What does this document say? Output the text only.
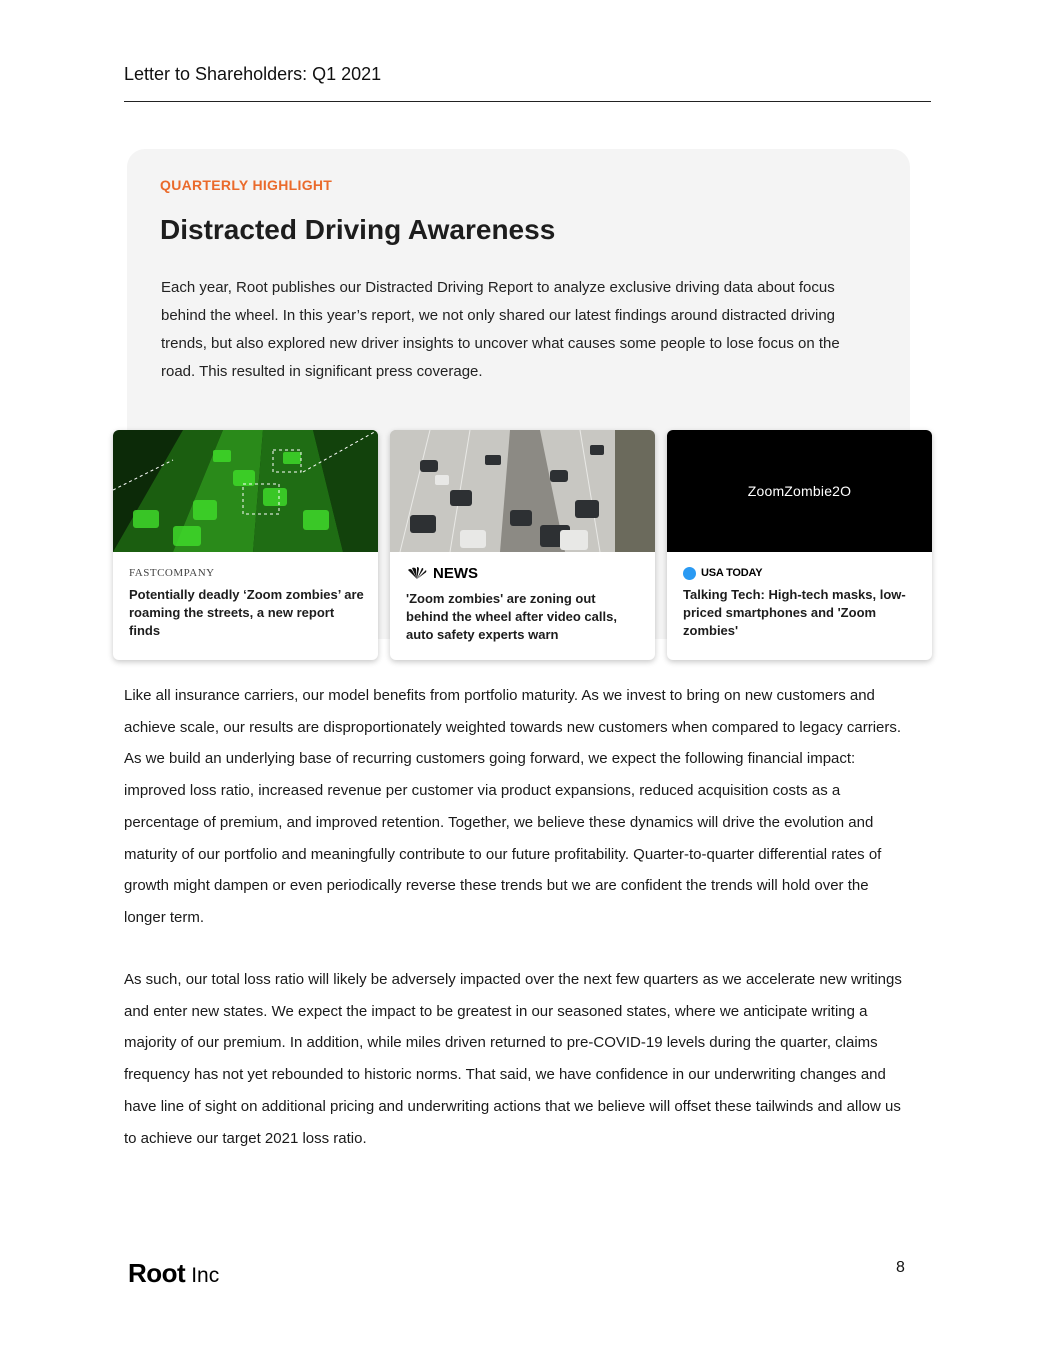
Letter to Shareholders: Q1 2021
QUARTERLY HIGHLIGHT
Distracted Driving Awareness
Each year, Root publishes our Distracted Driving Report to analyze exclusive driving data about focus behind the wheel. In this year’s report, we not only shared our latest findings around distracted driving trends, but also explored new driver insights to uncover what causes some people to lose focus on the road. This resulted in significant press coverage.
FASTCOMPANY
Potentially deadly ‘Zoom zombies’ are roaming the streets, a new report finds
NEWS
'Zoom zombies' are zoning out behind the wheel after video calls, auto safety experts warn
ZoomZombie2O
USA TODAY
Talking Tech: High-tech masks, low-priced smartphones and 'Zoom zombies'

Like all insurance carriers, our model benefits from portfolio maturity. As we invest to bring on new customers and achieve scale, our results are disproportionately weighted towards new customers when compared to legacy carriers. As we build an underlying base of recurring customers going forward, we expect the following financial impact: improved loss ratio, increased revenue per customer via product expansions, reduced acquisition costs as a percentage of premium, and improved retention. Together, we believe these dynamics will drive the evolution and maturity of our portfolio and meaningfully contribute to our future profitability. Quarter-to-quarter differential rates of growth might dampen or even periodically reverse these trends but we are confident the trends will hold over the longer term.

As such, our total loss ratio will likely be adversely impacted over the next few quarters as we accelerate new writings and enter new states. We expect the impact to be greatest in our seasoned states, where we anticipate writing a majority of our premium. In addition, while miles driven returned to pre-COVID-19 levels during the quarter, claims frequency has not yet rebounded to historic norms. That said, we have confidence in our underwriting changes and have line of sight on additional pricing and underwriting actions that we believe will offset these tailwinds and allow us to achieve our target 2021 loss ratio.

Root Inc	8
